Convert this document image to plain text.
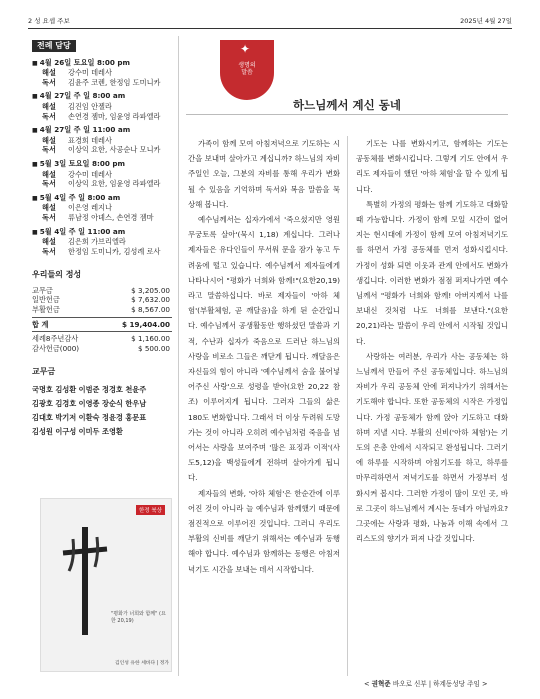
2 성 요셉 주보	2025년 4월 27일
전례 담당
■ 4월 26일 토요일 8:00 pm
해설 강수미 데레사
독서 김윤주 코렌, 한정임 도미니카
■ 4월 27일 주 일 8:00 am
해설 김진임 안젤라
독서 손연경 젬마, 임윤영 라파엘라
■ 4월 27일 주 일 11:00 am
해설 표경희 데레사
독서 이상익 요한, 사공순나 모니카
■ 5월 3일 토요일 8:00 pm
해설 강수미 데레사
독서 이상익 요한, 임윤영 라파엘라
■ 5월 4일 주 일 8:00 am
해설 이은영 레지나
독서 류남정 아녜스, 손연경 젬마
■ 5월 4일 주 일 11:00 am
해설 김은희 가브리엘라
독서 한정임 도미니카, 김성례 로사
우리들의 정성
교무금	$ 3,205.00
일반헌금	$ 7,632.00
부활헌금	$ 8,567.00
합 계	$ 19,404.00
세례8주년감사	$ 1,160.00
감사헌금(000)	$ 500.00
교무금
국명호 김성환 이범준 정경호 천윤주
김광호 김경호 이영종 장순식 한우남
김대호 박기저 이환숙 정윤경 홍문표
김성원 이구성 이미두 조영환
한정 북상
"평화가 너희와 함께" (요한 20,19)
김인성 유한 세바다 | 정가
✦
생명의
말씀
하느님께서 계신 동네

가족이 함께 모여 아침저녁으로 기도하는 시간을 보내며 살아가고 계십니까? 하느님의 자비 주일인 오늘, 그분의 자비를 통해 우리가 변화될 수 있음을 기억하며 독서와 복음 말씀을 묵상해 봅니다.

예수님께서는 십자가에서 '죽으셨지만 영원무궁토록 살아'(묵시 1,18) 계십니다. 그러나 제자들은 유다인들이 무서워 문을 잠가 놓고 두려움에 떨고 있습니다. 예수님께서 제자들에게 나타나시어 "평화가 너희와 함께!"(요한20,19) 라고 말씀하십니다. 바로 제자들이 '아하 체험'(부활체험, 곧 깨달음)을 하게 된 순간입니다. 예수님께서 공생활동안 행하셨던 말씀과 기적, 수난과 십자가 죽음으로 드러난 하느님의 사랑을 비로소 그들은 깨닫게 됩니다. 깨달음은 자신들의 힘이 아니라 '예수님께서 숨을 불어넣어주신 사랑'으로 성령을 받아(요한 20,22 참조) 이루어지게 됩니다. 그러자 그들의 삶은 180도 변화합니다. 그래서 더 이상 두려워 도망가는 것이 아니라 오히려 예수님처럼 죽음을 넘어서는 사랑을 보여주며 '많은 표징과 이적'(사도5,12)을 백성들에게 전하며 살아가게 됩니다.

제자들의 변화, '아하 체험'은 한순간에 이루어진 것이 아니라 늘 예수님과 함께했기 때문에 점진적으로 이루어진 것입니다. 그러니 우리도 부활의 신비를 깨닫기 위해서는 예수님과 동행해야 합니다. 예수님과 함께하는 동행은 아침저녁기도 시간을 보내는 데서 시작합니다.

기도는 나를 변화시키고, 함께하는 기도는 공동체를 변화시킵니다. 그렇게 기도 안에서 우리도 제자들이 했던 '아하 체험'을 할 수 있게 됩니다.

특별히 가정의 평화는 함께 기도하고 대화할 때 가능합니다. 가정이 함께 모일 시간이 없어지는 현시대에 가정이 함께 모여 아침저녁기도를 하면서 가정 공동체를 먼저 성화시킵시다. 가정이 성화 되면 이웃과 관계 안에서도 변화가 생깁니다. 이러한 변화가 점점 퍼져나가면 예수님께서 "평화가 너희와 함께! 아버지께서 나를 보내신 것처럼 나도 너희를 보낸다."(요한 20,21)라는 말씀이 우리 안에서 시작될 것입니다.

사랑하는 여러분, 우리가 사는 공동체는 하느님께서 만들어 주신 공동체입니다. 하느님의 자비가 우리 공동체 안에 퍼져나가기 위해서는 기도해야 합니다. 또한 공동체의 시작은 가정입니다. 가정 공동체가 함께 앉아 기도하고 대화하며 지낼 시다. 부활의 신비('아하 체험')는 기도의 은총 안에서 시작되고 완성됩니다. 그러기에 하루를 시작하며 아침기도를 하고, 하루를 마무리하면서 저녁기도를 하면서 가정부터 성화시켜 봅시다. 그러한 가정이 많이 모인 곳, 바로 그곳이 하느님께서 계시는 동네가 아닐까요? 그곳에는 사랑과 평화, 나눔과 이해 속에서 그리스도의 향기가 퍼져 나갈 것입니다.

< 권혁준 바오로 신부 | 하계동성당 주임 >
